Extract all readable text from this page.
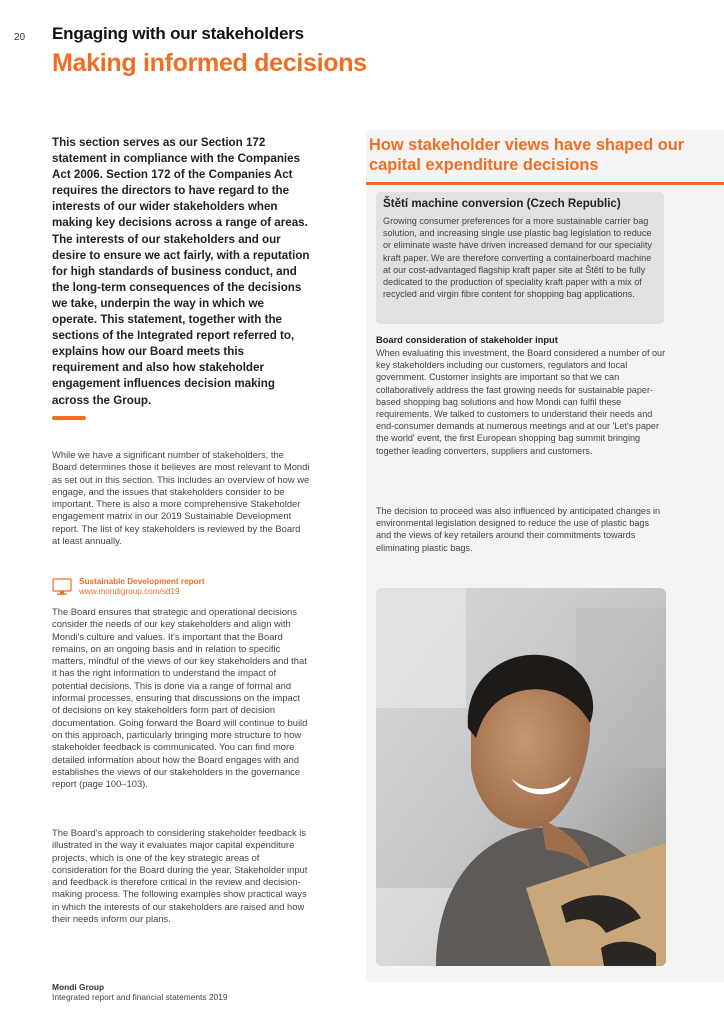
20 Engaging with our stakeholders
Making informed decisions
This section serves as our Section 172 statement in compliance with the Companies Act 2006. Section 172 of the Companies Act requires the directors to have regard to the interests of our wider stakeholders when making key decisions across a range of areas. The interests of our stakeholders and our desire to ensure we act fairly, with a reputation for high standards of business conduct, and the long-term consequences of the decisions we take, underpin the way in which we operate. This statement, together with the sections of the Integrated report referred to, explains how our Board meets this requirement and also how stakeholder engagement influences decision making across the Group.
While we have a significant number of stakeholders, the Board determines those it believes are most relevant to Mondi as set out in this section. This includes an overview of how we engage, and the issues that stakeholders consider to be important. There is also a more comprehensive Stakeholder engagement matrix in our 2019 Sustainable Development report. The list of key stakeholders is reviewed by the Board at least annually.
Sustainable Development report
www.mondigroup.com/sd19
The Board ensures that strategic and operational decisions consider the needs of our key stakeholders and align with Mondi's culture and values. It's important that the Board remains, on an ongoing basis and in relation to specific matters, mindful of the views of our key stakeholders and that it has the right information to understand the impact of potential decisions. This is done via a range of formal and informal processes, ensuring that discussions on the impact of decisions on key stakeholders form part of decision documentation. Going forward the Board will continue to build on this approach, particularly bringing more structure to how stakeholder feedback is communicated. You can find more detailed information about how the Board engages with and establishes the views of our stakeholders in the governance report (page 100–103).
The Board's approach to considering stakeholder feedback is illustrated in the way it evaluates major capital expenditure projects, which is one of the key strategic areas of consideration for the Board during the year. Stakeholder input and feedback is therefore critical in the review and decision-making process. The following examples show practical ways in which the interests of our stakeholders are raised and how their needs inform our plans.
How stakeholder views have shaped our capital expenditure decisions
Štětí machine conversion (Czech Republic)
Growing consumer preferences for a more sustainable carrier bag solution, and increasing single use plastic bag legislation to reduce or eliminate waste have driven increased demand for our speciality kraft paper. We are therefore converting a containerboard machine at our cost-advantaged flagship kraft paper site at Štětí to be fully dedicated to the production of speciality kraft paper with a mix of recycled and virgin fibre content for shopping bag applications.
Board consideration of stakeholder input
When evaluating this investment, the Board considered a number of our key stakeholders including our customers, regulators and local government. Customer insights are important so that we can collaboratively address the fast growing needs for sustainable paper-based shopping bag solutions and how Mondi can fulfil these requirements. We talked to customers to understand their needs and end-consumer demands at numerous meetings and at our 'Let's paper the world' event, the first European shopping bag summit bringing together leading converters, suppliers and customers.
The decision to proceed was also influenced by anticipated changes in environmental legislation designed to reduce the use of plastic bags and the views of key retailers around their commitments towards eliminating plastic bags.
Mondi Group
Integrated report and financial statements 2019
